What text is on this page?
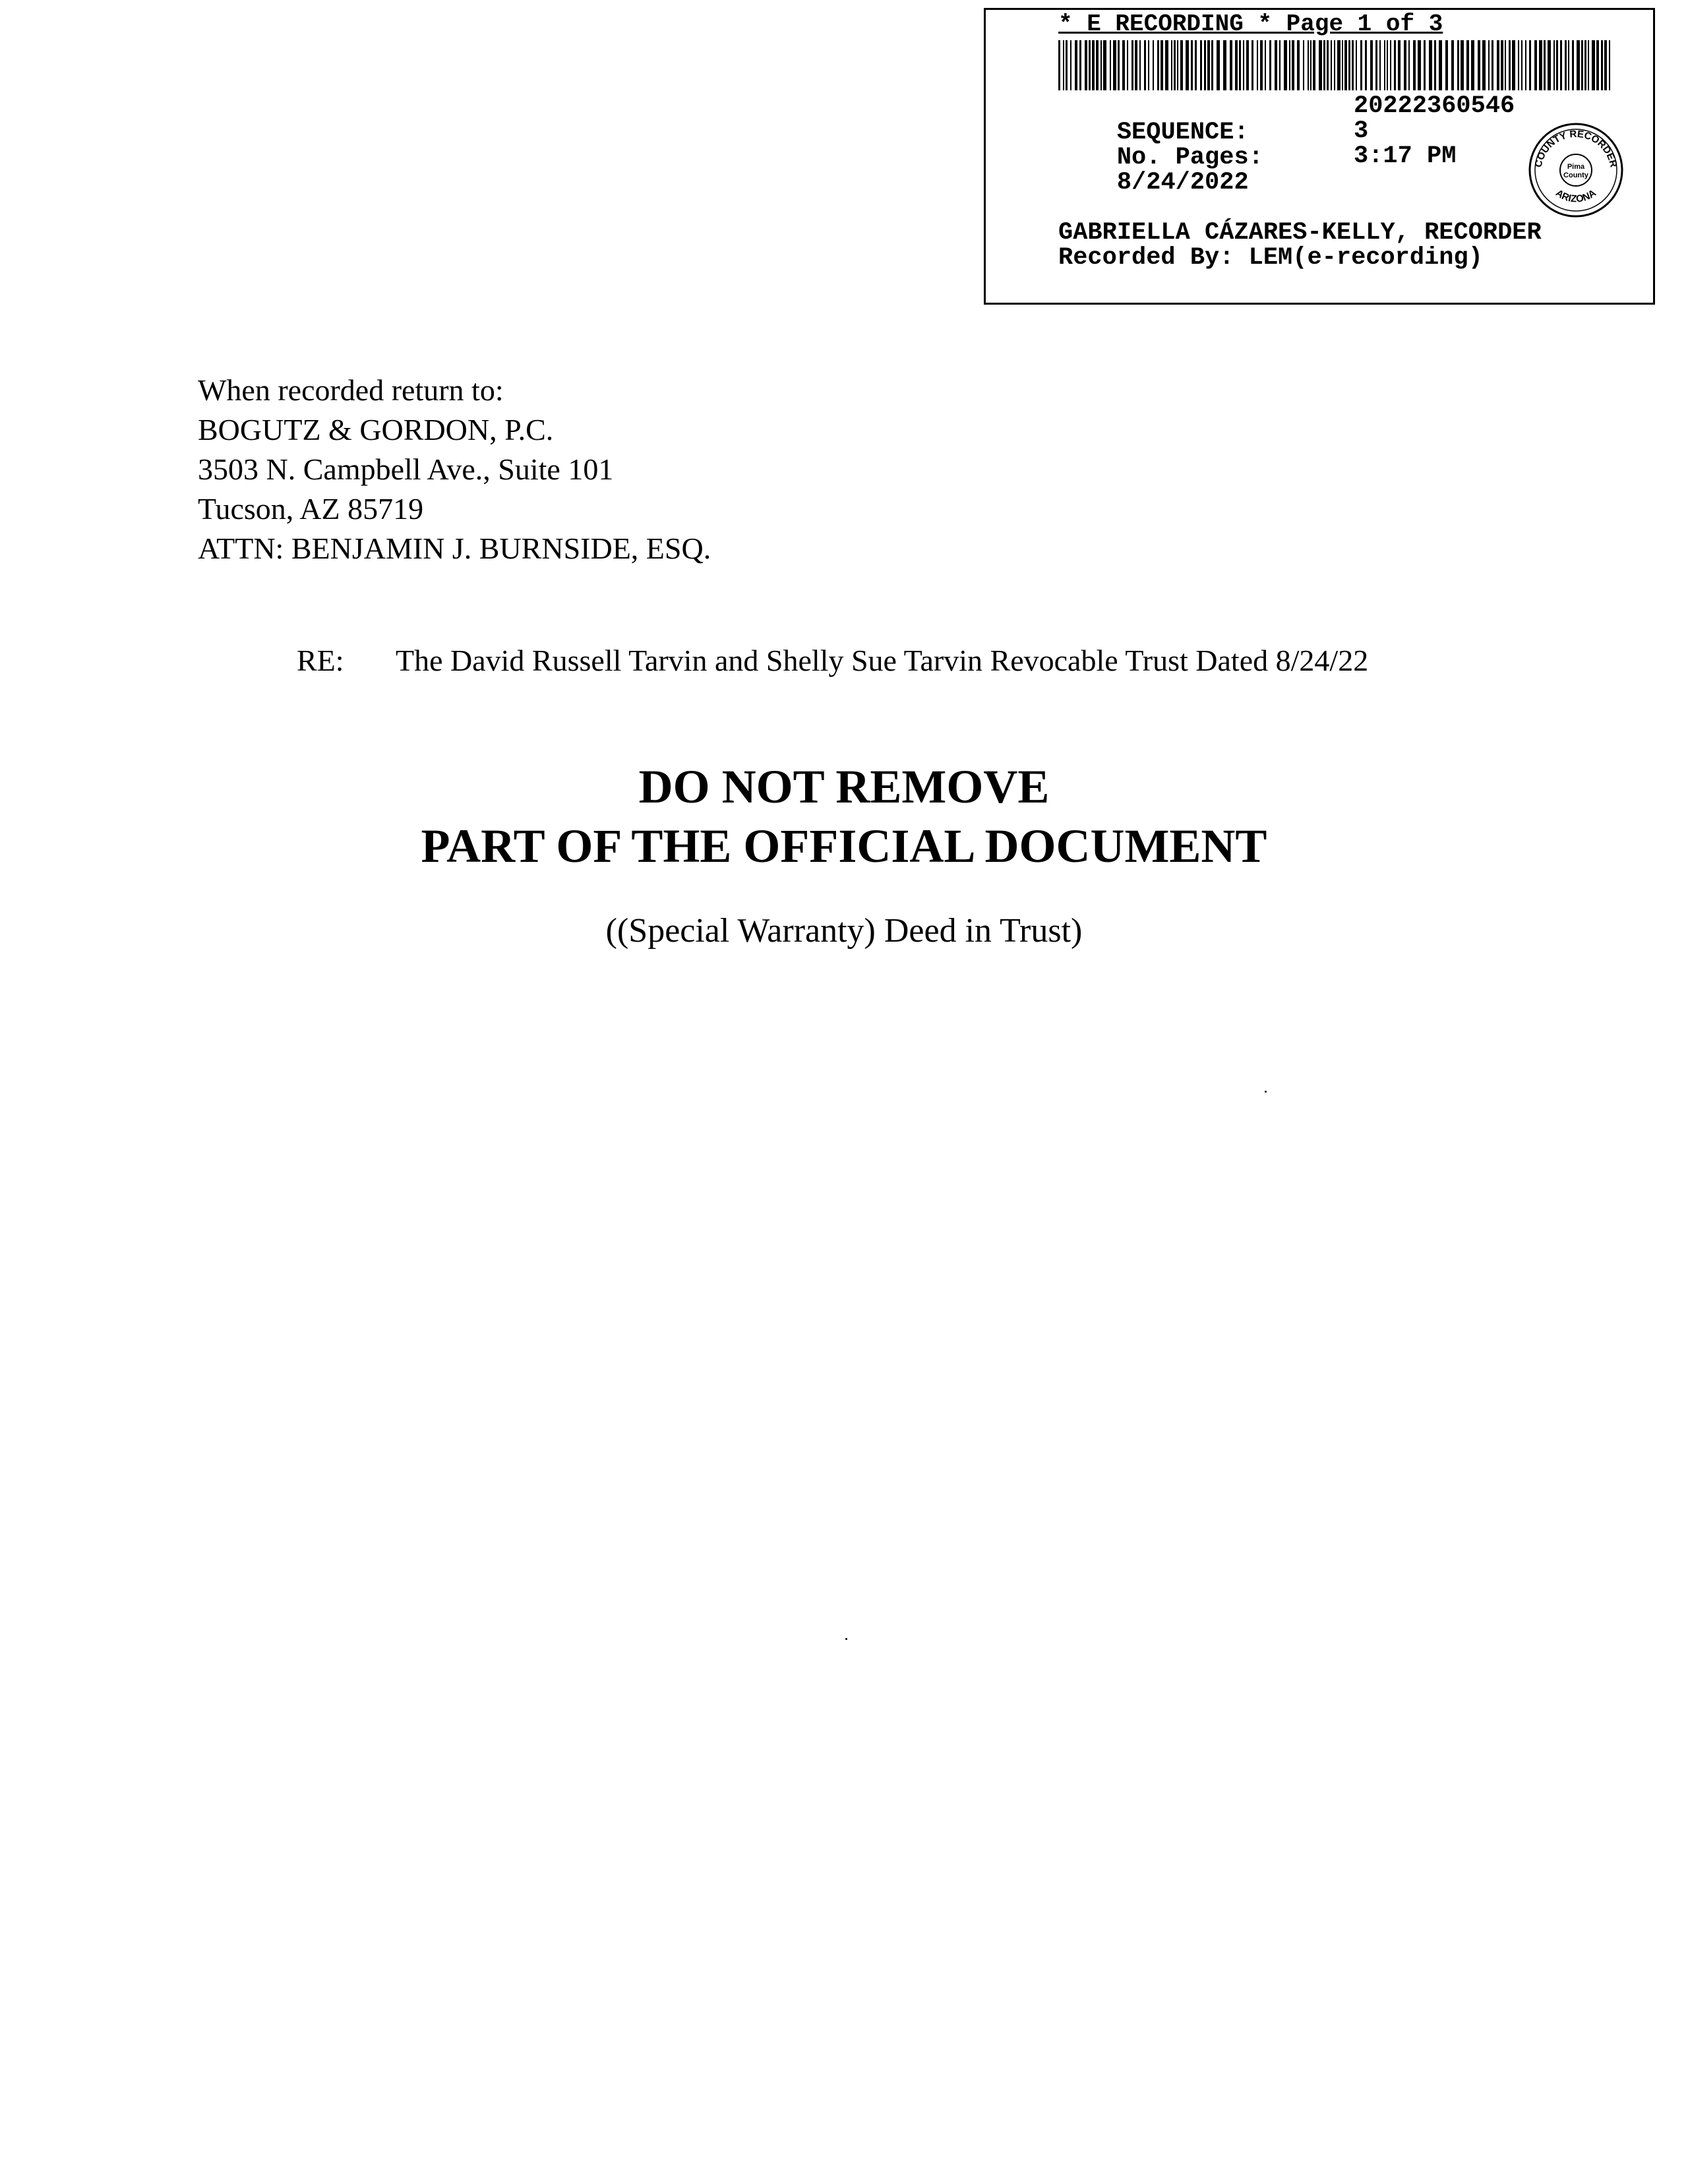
* E RECORDING * Page 1 of 3

SEQUENCE:

20222360546

No. Pages:

3

8/24/2022

3:17 PM

	COUNTY RECORDER
ARIZONA
Pima
County
GABRIELLA CÁZARES-KELLY, RECORDER
Recorded By: LEM(e-recording)
When recorded return to:
BOGUTZ & GORDON, P.C.
3503 N. Campbell Ave., Suite 101
Tucson, AZ 85719
ATTN: BENJAMIN J. BURNSIDE, ESQ.

RE:

The David Russell Tarvin and Shelly Sue Tarvin Revocable Trust Dated 8/24/22

DO NOT REMOVE
PART OF THE OFFICIAL DOCUMENT
((Special Warranty) Deed in Trust)
